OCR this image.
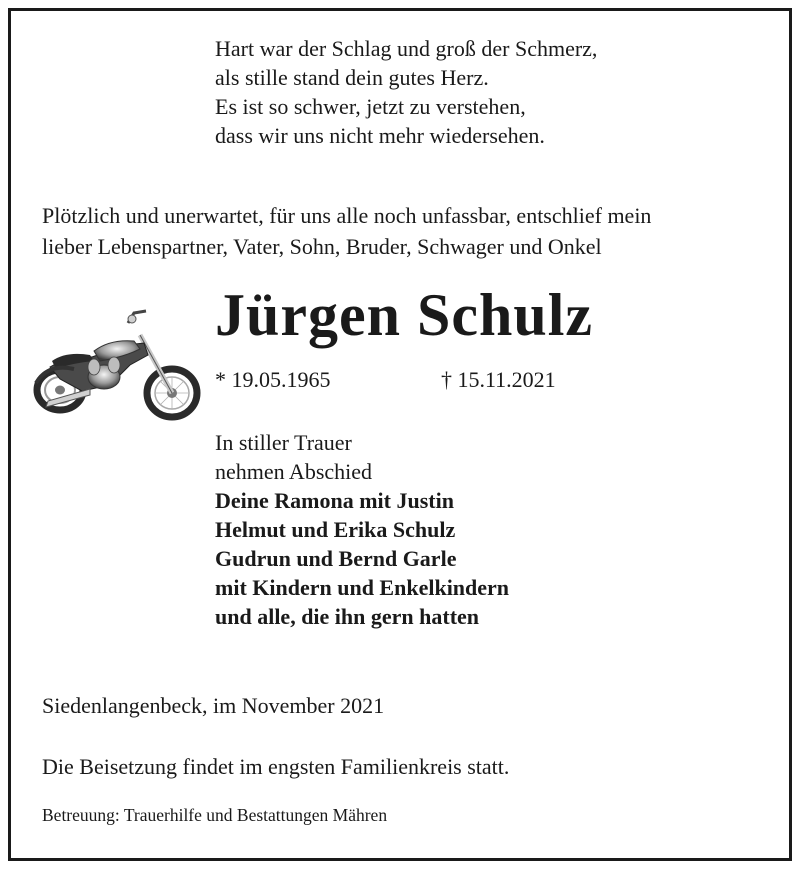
Hart war der Schlag und groß der Schmerz,
als stille stand dein gutes Herz.
Es ist so schwer, jetzt zu verstehen,
dass wir uns nicht mehr wiedersehen.
Plötzlich und unerwartet, für uns alle noch unfassbar, entschlief mein
lieber Lebenspartner, Vater, Sohn, Bruder, Schwager und Onkel
Jürgen Schulz
* 19.05.1965	† 15.11.2021
In stiller Trauer
nehmen Abschied
Deine Ramona mit Justin
Helmut und Erika Schulz
Gudrun und Bernd Garle
mit Kindern und Enkelkindern
und alle, die ihn gern hatten
Siedenlangenbeck, im November 2021
Die Beisetzung findet im engsten Familienkreis statt.
Betreuung: Trauerhilfe und Bestattungen Mähren
